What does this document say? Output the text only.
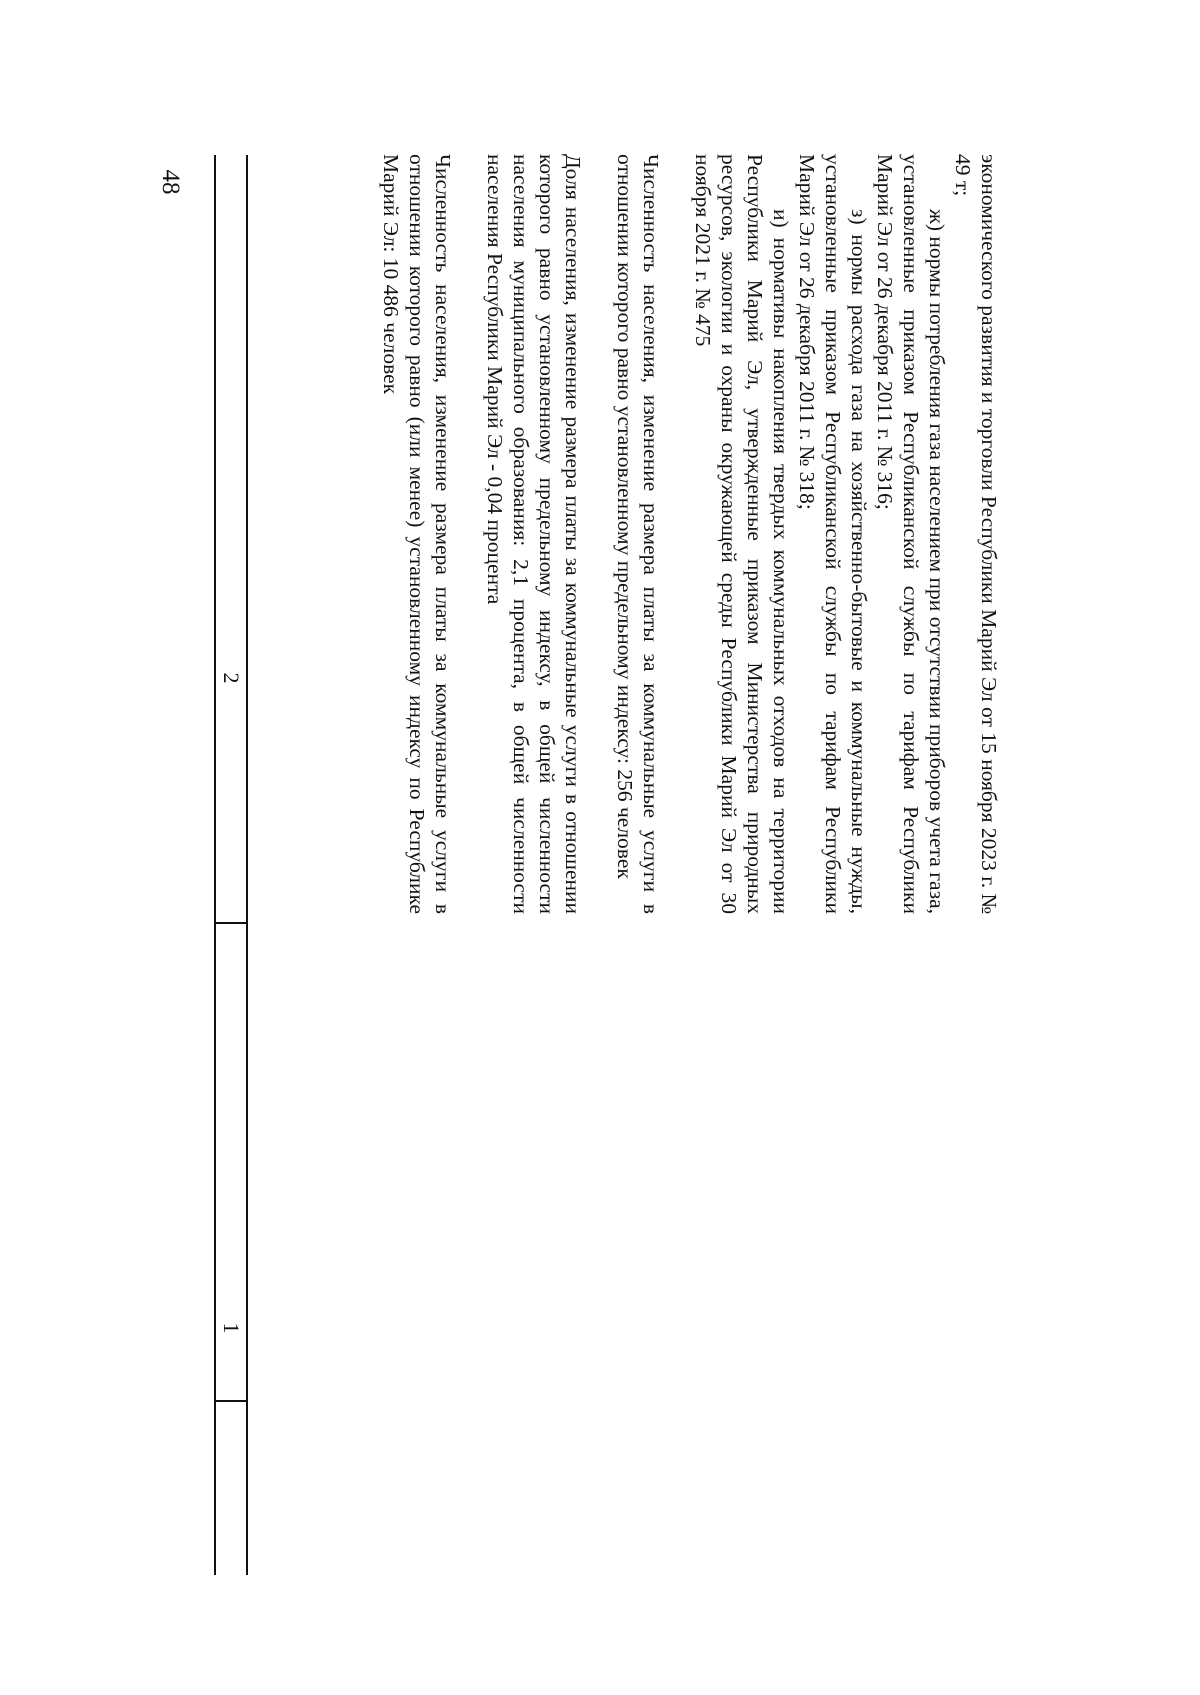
48
1
2	экономического развития и торговли Республики Марий Эл от 15 ноября 2023 г. № 49 т;

ж) нормы потребления газа населением при отсутствии приборов учета газа, установленные приказом Республиканской службы по тарифам Республики Марий Эл от 26 декабря 2011 г. № 316;

з) нормы расхода газа на хозяйственно-бытовые и коммунальные нужды, установленные приказом Республиканской службы по тарифам Республики Марий Эл от 26 декабря 2011 г. № 318;

и) нормативы накопления твердых коммунальных отходов на территории Республики Марий Эл, утвержденные приказом Министерства природных ресурсов, экологии и охраны окружающей среды Республики Марий Эл от 30 ноября 2021 г. № 475

Численность населения, изменение размера платы за коммунальные услуги в отношении которого равно установленному предельному индексу: 256 человек

Доля населения, изменение размера платы за коммунальные услуги в отношении которого равно установленному предельному индексу, в общей численности населения муниципального образования: 2,1 процента, в общей численности населения Республики Марий Эл - 0,04 процента

Численность населения, изменение размера платы за коммунальные услуги в отношении которого равно (или менее) установленному индексу по Республике Марий Эл: 10 486 человек
